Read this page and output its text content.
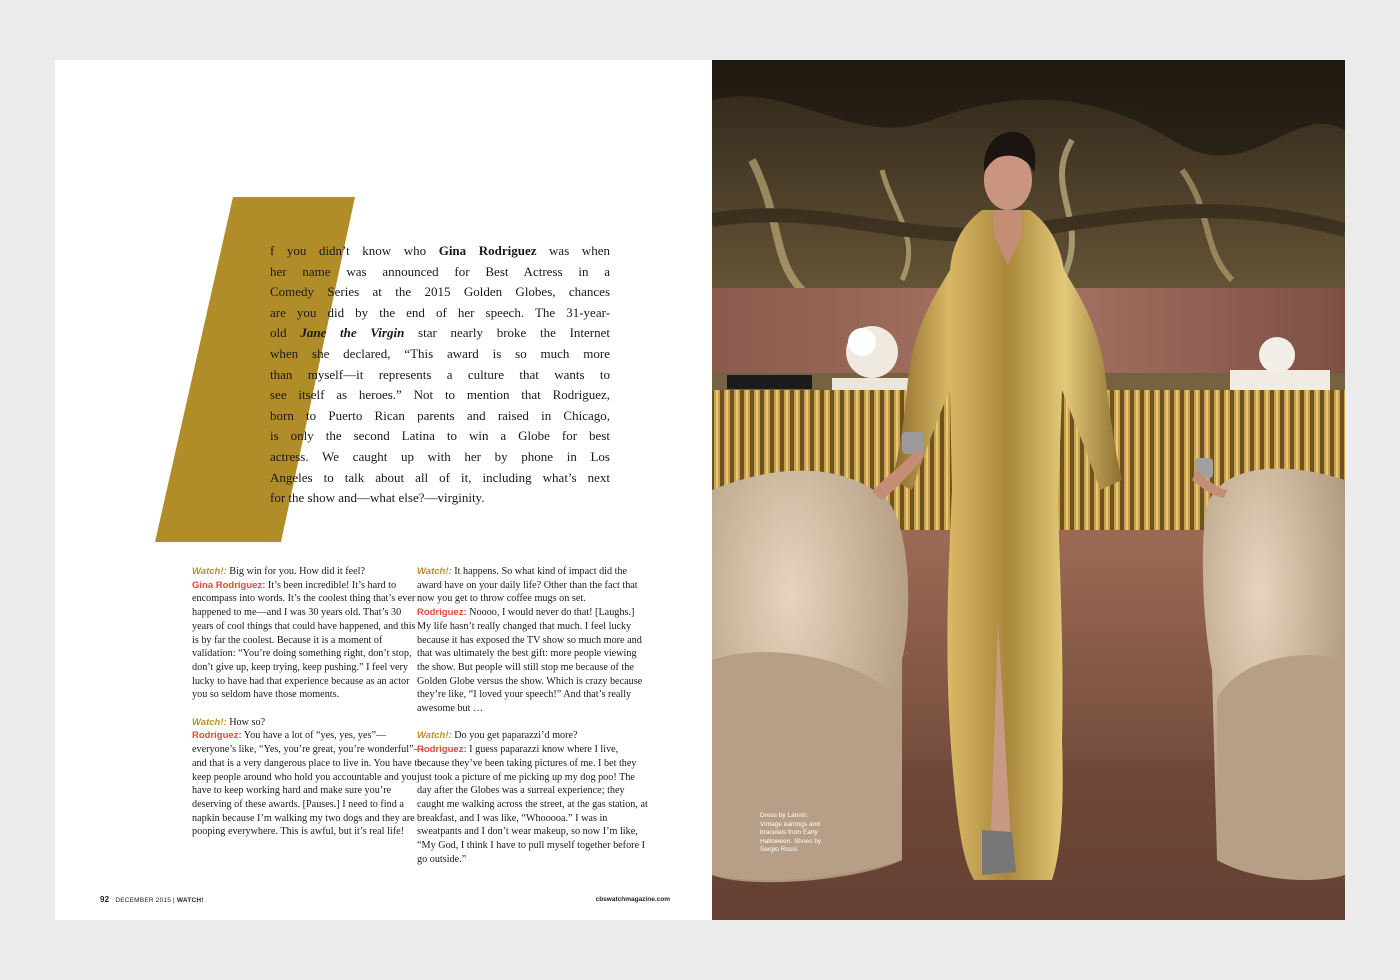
f you didn’t know who Gina Rodriguez was when
her name was announced for Best Actress in a
Comedy Series at the 2015 Golden Globes, chances
are you did by the end of her speech. The 31-year-
old Jane the Virgin star nearly broke the Internet
when she declared, “This award is so much more
than myself—it represents a culture that wants to
see itself as heroes.” Not to mention that Rodriguez,
born to Puerto Rican parents and raised in Chicago,
is only the second Latina to win a Globe for best
actress. We caught up with her by phone in Los
Angeles to talk about all of it, including what’s next
for the show and—what else?—virginity.

Watch!: Big win for you. How did it feel?

Gina Rodriguez: It’s been incredible! It’s hard to encompass into words. It’s the coolest thing that’s ever happened to me—and I was 30 years old. That’s 30 years of cool things that could have happened, and this is by far the coolest. Because it is a moment of validation: “You’re doing something right, don’t stop, don’t give up, keep trying, keep pushing.” I feel very lucky to have had that experience because as an actor you so seldom have those moments.

Watch!: How so?

Rodriguez: You have a lot of “yes, yes, yes”—everyone’s like, “Yes, you’re great, you’re wonderful”—and that is a very dangerous place to live in. You have to keep people around who hold you accountable and you have to keep working hard and make sure you’re deserving of these awards. [Pauses.] I need to find a napkin because I’m walking my two dogs and they are pooping everywhere. This is awful, but it’s real life!

Watch!: It happens. So what kind of impact did the award have on your daily life? Other than the fact that now you get to throw coffee mugs on set.

Rodriguez: Noooo, I would never do that! [Laughs.] My life hasn’t really changed that much. I feel lucky because it has exposed the TV show so much more and that was ultimately the best gift: more people viewing the show. But people will still stop me because of the Golden Globe versus the show. Which is crazy because they’re like, “I loved your speech!” And that’s really awesome but …

Watch!: Do you get paparazzi’d more?

Rodriguez: I guess paparazzi know where I live, because they’ve been taking pictures of me. I bet they just took a picture of me picking up my dog poo! The day after the Globes was a surreal experience; they caught me walking across the street, at the gas station, at breakfast, and I was like, “Whooooa.” I was in sweatpants and I don’t wear makeup, so now I’m like, “My God, I think I have to pull myself together before I go outside.”

92 DECEMBER 2015 | WATCH!	cbswatchmagazine.com
Dress by Lanvin. Vintage earrings and bracelets from Early Halloween. Shoes by Sergio Rossi.
